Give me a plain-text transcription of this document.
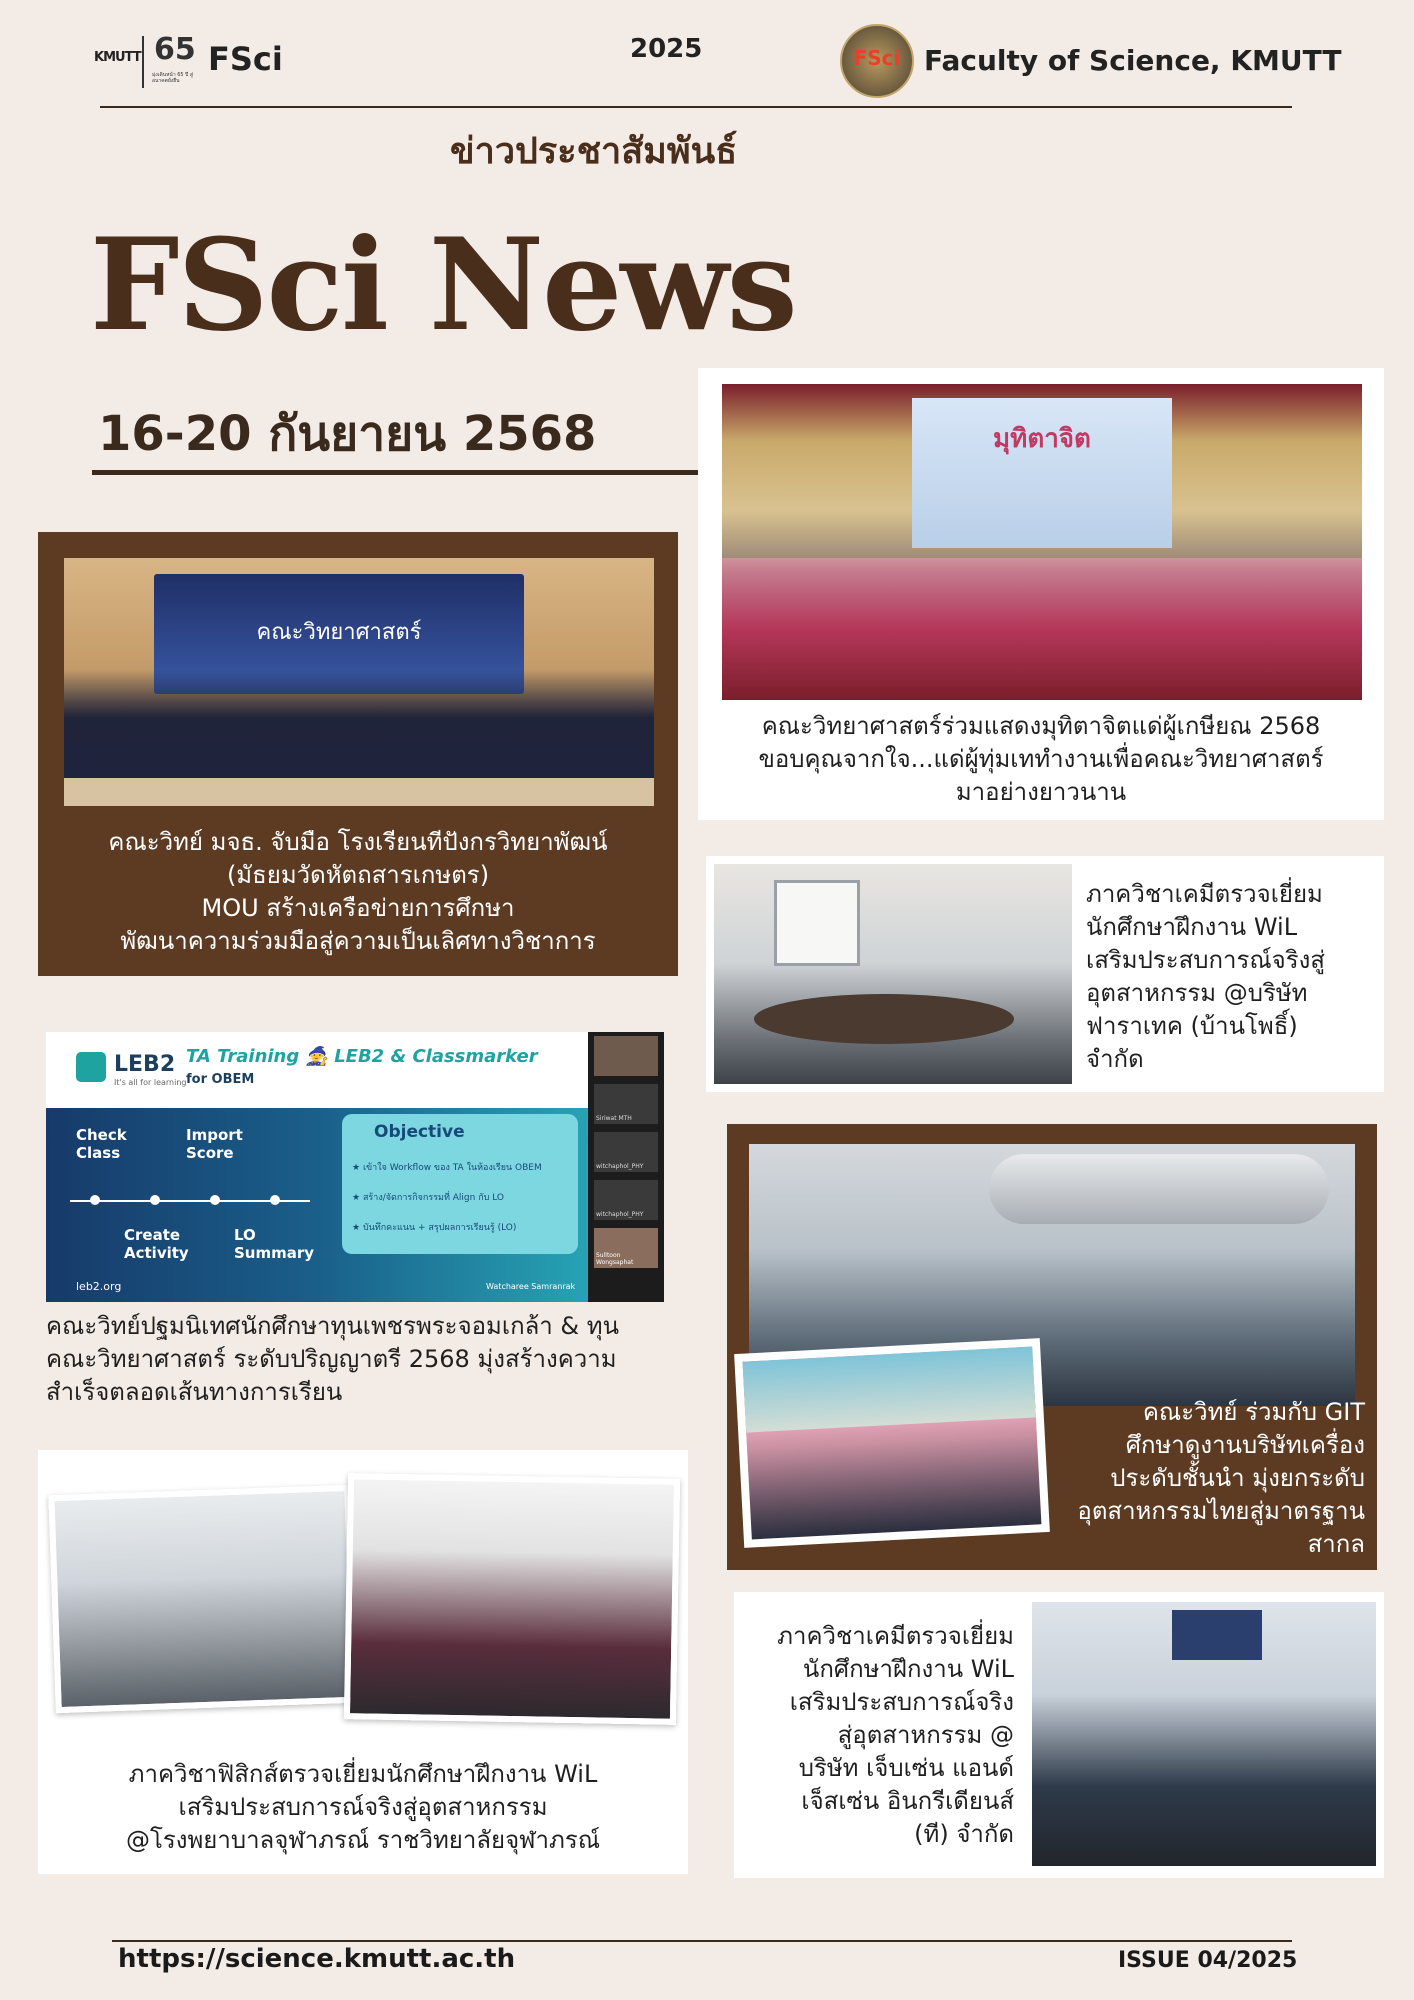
KMUTT 65
มุ่งเดินหน้า 65 ปี สู่อนาคตยั่งยืน
FSci	2025	FSci Faculty of Science, KMUTT
ข่าวประชาสัมพันธ์
FSci News
16-20 กันยายน 2568
คณะวิทยาศาสตร์
คณะวิทย์ มจธ. จับมือ โรงเรียนทีปังกรวิทยาพัฒน์
(มัธยมวัดหัตถสารเกษตร)
MOU สร้างเครือข่ายการศึกษา
พัฒนาความร่วมมือสู่ความเป็นเลิศทางวิชาการ
มุทิตาจิต
คณะวิทยาศาสตร์ร่วมแสดงมุทิตาจิตแด่ผู้เกษียณ 2568
ขอบคุณจากใจ...แด่ผู้ทุ่มเททำงานเพื่อคณะวิทยาศาสตร์
มาอย่างยาวนาน
ภาควิชาเคมีตรวจเยี่ยม
นักศึกษาฝึกงาน WiL
เสริมประสบการณ์จริงสู่
อุตสาหกรรม @บริษัท
ฟาราเทค (บ้านโพธิ์)
จำกัด
LEB2
It's all for learning
TA Training 🧙 LEB2 & Classmarker
for OBEM
Check Class
Import Score
Create Activity
LO Summary
Objective
★ เข้าใจ Workflow ของ TA ในห้องเรียน OBEM
★ สร้าง/จัดการกิจกรรมที่ Align กับ LO
★ บันทึกคะแนน + สรุปผลการเรียนรู้ (LO)
leb2.org	Watcharee Samranrak
Siriwat MTH
witchaphol_PHY
witchaphol_PHY
Sulltoon Wongsaphat
คณะวิทย์ปฐมนิเทศนักศึกษาทุนเพชรพระจอมเกล้า & ทุน
คณะวิทยาศาสตร์ ระดับปริญญาตรี 2568 มุ่งสร้างความ
สำเร็จตลอดเส้นทางการเรียน
คณะวิทย์ ร่วมกับ GIT
ศึกษาดูงานบริษัทเครื่อง
ประดับชั้นนำ มุ่งยกระดับ
อุตสาหกรรมไทยสู่มาตรฐาน
สากล
ภาควิชาฟิสิกส์ตรวจเยี่ยมนักศึกษาฝึกงาน WiL
เสริมประสบการณ์จริงสู่อุตสาหกรรม
@โรงพยาบาลจุฬาภรณ์ ราชวิทยาลัยจุฬาภรณ์
ภาควิชาเคมีตรวจเยี่ยม
นักศึกษาฝึกงาน WiL
เสริมประสบการณ์จริง
สู่อุตสาหกรรม @
บริษัท เจ็บเซ่น แอนด์
เจ็สเซ่น อินกรีเดียนส์
(ที) จำกัด
https://science.kmutt.ac.th	ISSUE 04/2025
